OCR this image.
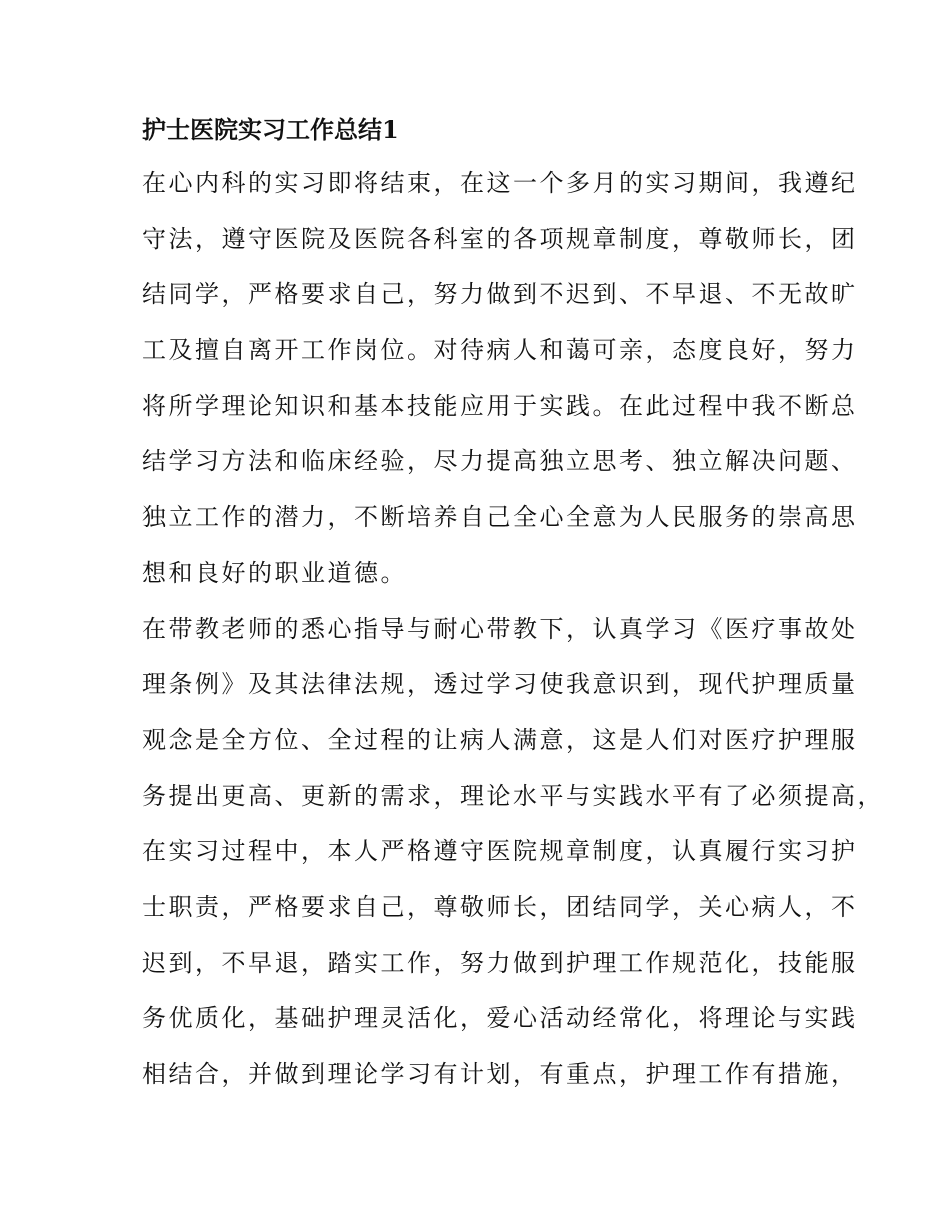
护士医院实习工作总结1
在心内科的实习即将结束，在这一个多月的实习期间，我遵纪
守法，遵守医院及医院各科室的各项规章制度，尊敬师长，团
结同学，严格要求自己，努力做到不迟到、不早退、不无故旷
工及擅自离开工作岗位。对待病人和蔼可亲，态度良好，努力
将所学理论知识和基本技能应用于实践。在此过程中我不断总
结学习方法和临床经验，尽力提高独立思考、独立解决问题、
独立工作的潜力，不断培养自己全心全意为人民服务的崇高思
想和良好的职业道德。
在带教老师的悉心指导与耐心带教下，认真学习《医疗事故处
理条例》及其法律法规，透过学习使我意识到，现代护理质量
观念是全方位、全过程的让病人满意，这是人们对医疗护理服
务提出更高、更新的需求，理论水平与实践水平有了必须提高，
在实习过程中，本人严格遵守医院规章制度，认真履行实习护
士职责，严格要求自己，尊敬师长，团结同学，关心病人，不
迟到，不早退，踏实工作，努力做到护理工作规范化，技能服
务优质化，基础护理灵活化，爱心活动经常化，将理论与实践
相结合，并做到理论学习有计划，有重点，护理工作有措施，
